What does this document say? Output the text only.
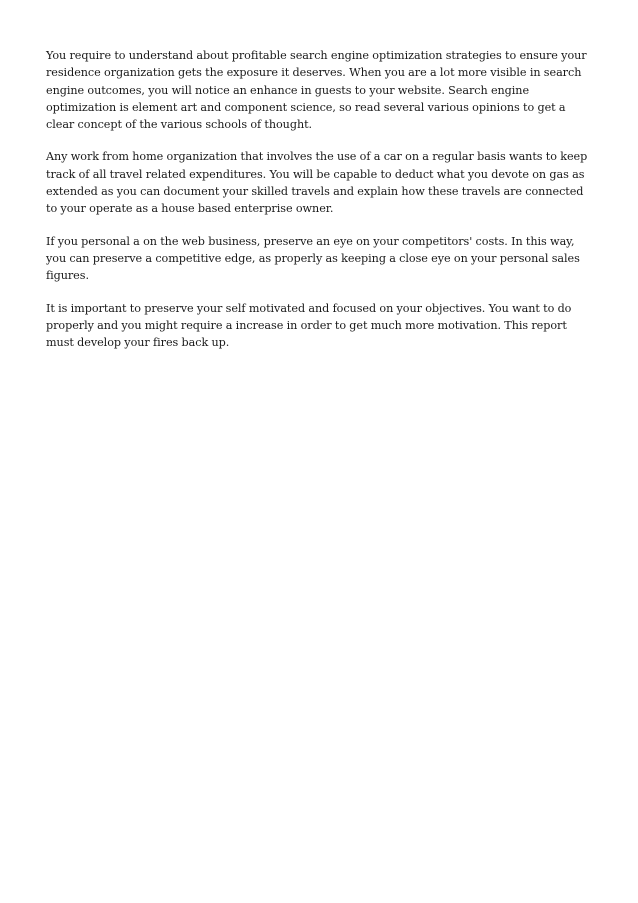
You require to understand about profitable search engine optimization strategies to ensure your residence organization gets the exposure it deserves. When you are a lot more visible in search engine outcomes, you will notice an enhance in guests to your website. Search engine optimization is element art and component science, so read several various opinions to get a clear concept of the various schools of thought.

Any work from home organization that involves the use of a car on a regular basis wants to keep track of all travel related expenditures. You will be capable to deduct what you devote on gas as extended as you can document your skilled travels and explain how these travels are connected to your operate as a house based enterprise owner.

If you personal a on the web business, preserve an eye on your competitors' costs. In this way, you can preserve a competitive edge, as properly as keeping a close eye on your personal sales figures.

It is important to preserve your self motivated and focused on your objectives. You want to do properly and you might require a increase in order to get much more motivation. This report must develop your fires back up.
